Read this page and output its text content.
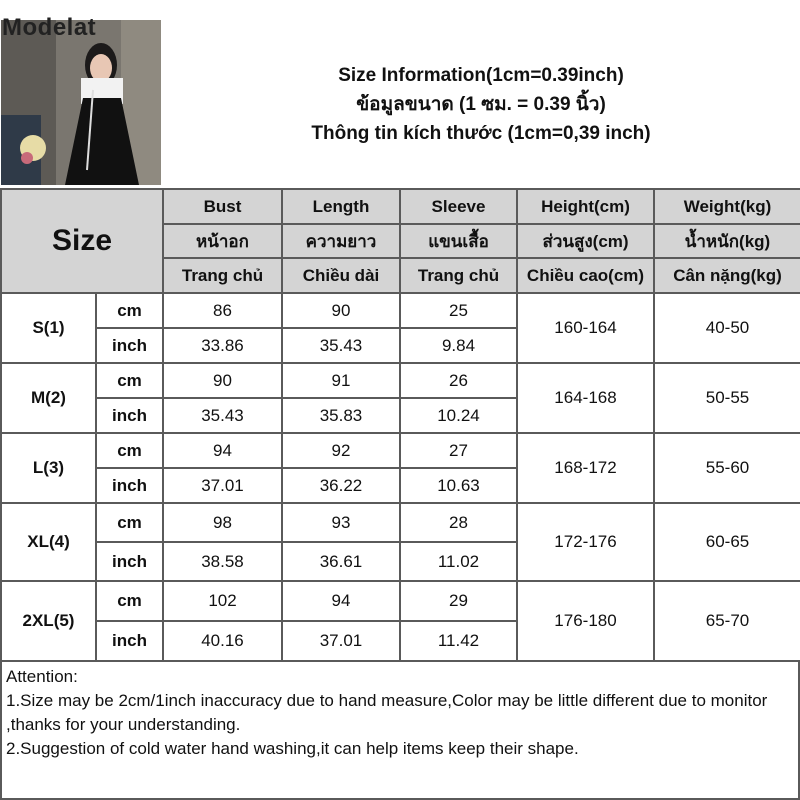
Modelat
Size Information(1cm=0.39inch)
ข้อมูลขนาด (1 ซม. = 0.39 นิ้ว)
Thông tin kích thước (1cm=0,39 inch)
Size		Bust	Length	Sleeve	Height(cm)	Weight(kg)
		หน้าอก	ความยาว	แขนเสื้อ	ส่วนสูง(cm)	น้ำหนัก(kg)
		Trang chủ	Chiều dài	Trang chủ	Chiều cao(cm)	Cân nặng(kg)
S(1)	cm	86	90	25	160-164	40-50
	inch	33.86	35.43	9.84		
M(2)	cm	90	91	26	164-168	50-55
	inch	35.43	35.83	10.24		
L(3)	cm	94	92	27	168-172	55-60
	inch	37.01	36.22	10.63		
XL(4)	cm	98	93	28	172-176	60-65
	inch	38.58	36.61	11.02		
2XL(5)	cm	102	94	29	176-180	65-70
	inch	40.16	37.01	11.42		
Attention:
1.Size may be 2cm/1inch inaccuracy due to hand measure,Color may be little different due to monitor ,thanks for your understanding.
2.Suggestion of cold water hand washing,it can help items keep their shape.
